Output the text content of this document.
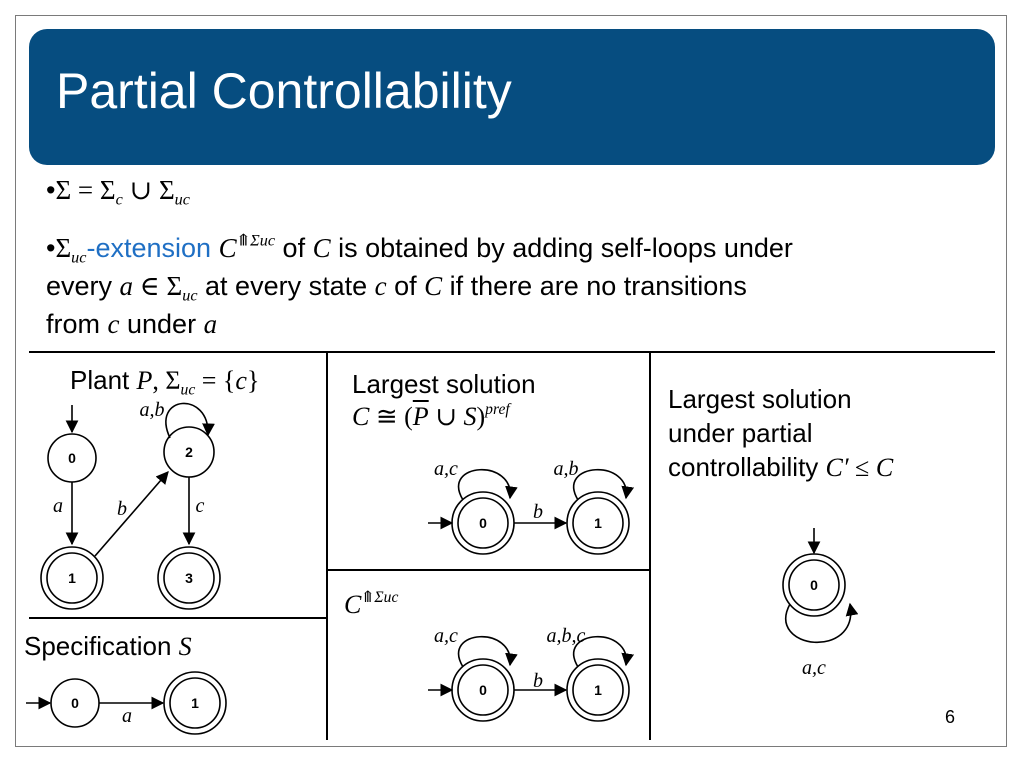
Partial Controllability
•Σ = $\Sigma_c$ ∪ $\Sigma_{uc}$
$•\Sigma_{uc}$-extension $C^{⤊\Sigma uc}$ of C is obtained by adding self-loops under
every a ∈ $\Sigma_{uc}$ at every state c of C if there are no transitions
from c under a
Plant P, $\Sigma_{uc} = \{c\}$
Specification S
Largest solution
C ≅ ($\overline{P}$ ∪ S)$^{pref}$
$C^{⤊\Sigma uc}$
Largest solution
under partial
controllability C′ ≤ C
6
0
1
2
3
a	b	c
a,b
0	1
a
0	1
a,c
b
a,b
0	1
a,c
b
a,b,c
0
a,c
